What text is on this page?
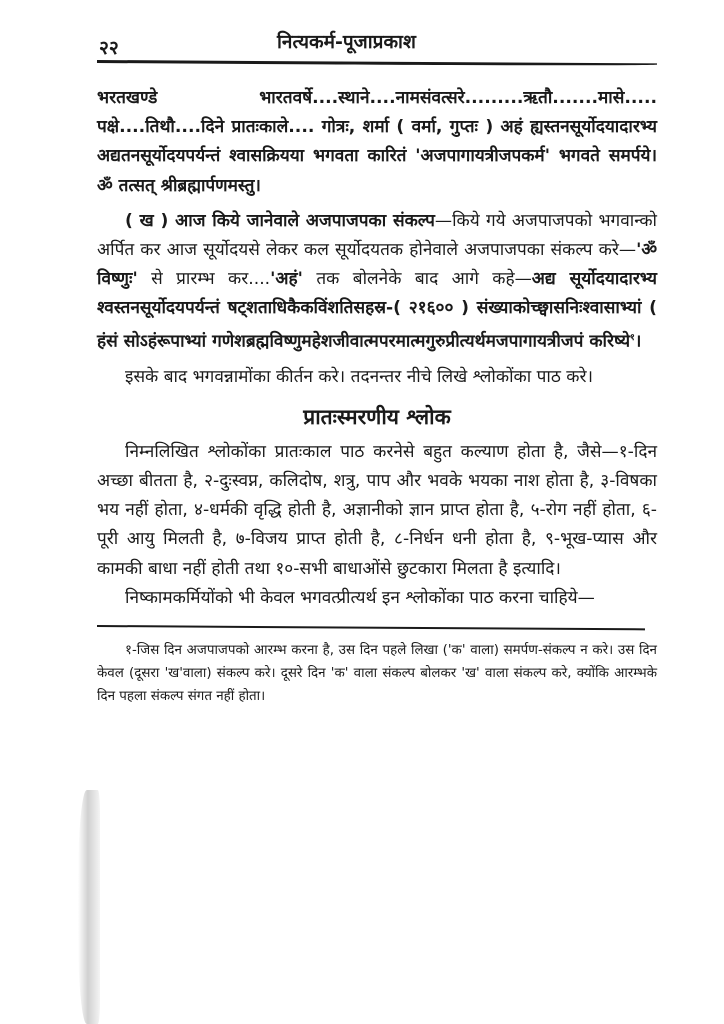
२२	नित्यकर्म-पूजाप्रकाश

भरतखण्डे भारतवर्षे....स्थाने....नामसंवत्सरे.........ऋतौ.......मासे..... पक्षे....तिथौ....दिने प्रातःकाले.... गोत्रः, शर्मा ( वर्मा, गुप्तः ) अहं ह्यस्तनसूर्योदयादारभ्य अद्यतनसूर्योदयपर्यन्तं श्वासक्रियया भगवता कारितं 'अजपागायत्रीजपकर्म' भगवते समर्पये। ॐ तत्सत् श्रीब्रह्मार्पणमस्तु।

( ख ) आज किये जानेवाले अजपाजपका संकल्प—किये गये अजपाजपको भगवान्को अर्पित कर आज सूर्योदयसे लेकर कल सूर्योदयतक होनेवाले अजपाजपका संकल्प करे—'ॐ विष्णुः' से प्रारम्भ कर....'अहं' तक बोलनेके बाद आगे कहे—अद्य सूर्योदयादारभ्य श्वस्तनसूर्योदयपर्यन्तं षट्शताधिकैकविंशतिसहस्र-( २१६०० ) संख्याकोच्छ्वासनिःश्वासाभ्यां ( हंसं सोऽहंरूपाभ्यां गणेशब्रह्मविष्णुमहेशजीवात्मपरमात्मगुरुप्रीत्यर्थमजपागायत्रीजपं करिष्ये$^१$।

इसके बाद भगवन्नामोंका कीर्तन करे। तदनन्तर नीचे लिखे श्लोकोंका पाठ करे।

प्रातःस्मरणीय श्लोक

निम्नलिखित श्लोकोंका प्रातःकाल पाठ करनेसे बहुत कल्याण होता है, जैसे—१-दिन अच्छा बीतता है, २-दुःस्वप्न, कलिदोष, शत्रु, पाप और भवके भयका नाश होता है, ३-विषका भय नहीं होता, ४-धर्मकी वृद्धि होती है, अज्ञानीको ज्ञान प्राप्त होता है, ५-रोग नहीं होता, ६-पूरी आयु मिलती है, ७-विजय प्राप्त होती है, ८-निर्धन धनी होता है, ९-भूख-प्यास और कामकी बाधा नहीं होती तथा १०-सभी बाधाओंसे छुटकारा मिलता है इत्यादि।

निष्कामकर्मियोंको भी केवल भगवत्प्रीत्यर्थ इन श्लोकोंका पाठ करना चाहिये—

१-जिस दिन अजपाजपको आरम्भ करना है, उस दिन पहले लिखा ('क' वाला) समर्पण-संकल्प न करे। उस दिन केवल (दूसरा 'ख'वाला) संकल्प करे। दूसरे दिन 'क' वाला संकल्प बोलकर 'ख' वाला संकल्प करे, क्योंकि आरम्भके दिन पहला संकल्प संगत नहीं होता।
